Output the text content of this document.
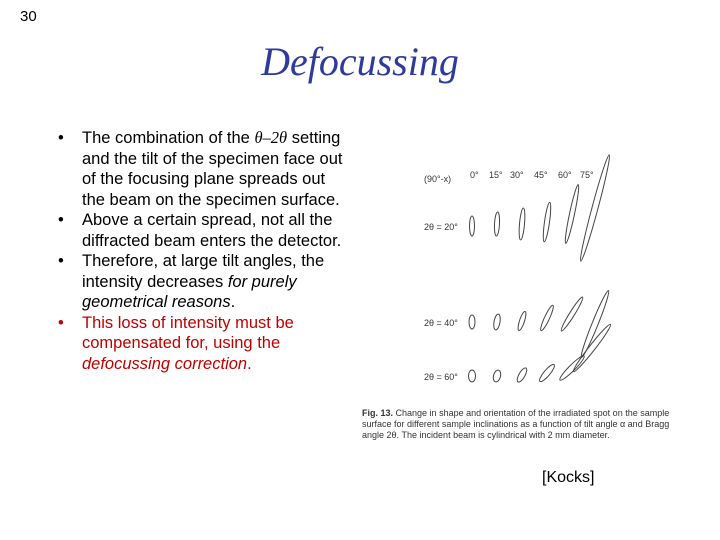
30
Defocussing
• The combination of the θ–2θ setting and the tilt of the specimen face out of the focusing plane spreads out the beam on the specimen surface.
• Above a certain spread, not all the diffracted beam enters the detector.
• Therefore, at large tilt angles, the intensity decreases for purely geometrical reasons.
• This loss of intensity must be compensated for, using the defocussing correction.
(90°-x) 0° 15° 30° 45° 60° 75°
2θ = 20°
2θ = 40°
2θ = 60°
Fig. 13. Change in shape and orientation of the irradiated spot on the sample surface for different sample inclinations as a function of tilt angle α and Bragg angle 2θ. The incident beam is cylindrical with 2 mm diameter.
[Kocks]
